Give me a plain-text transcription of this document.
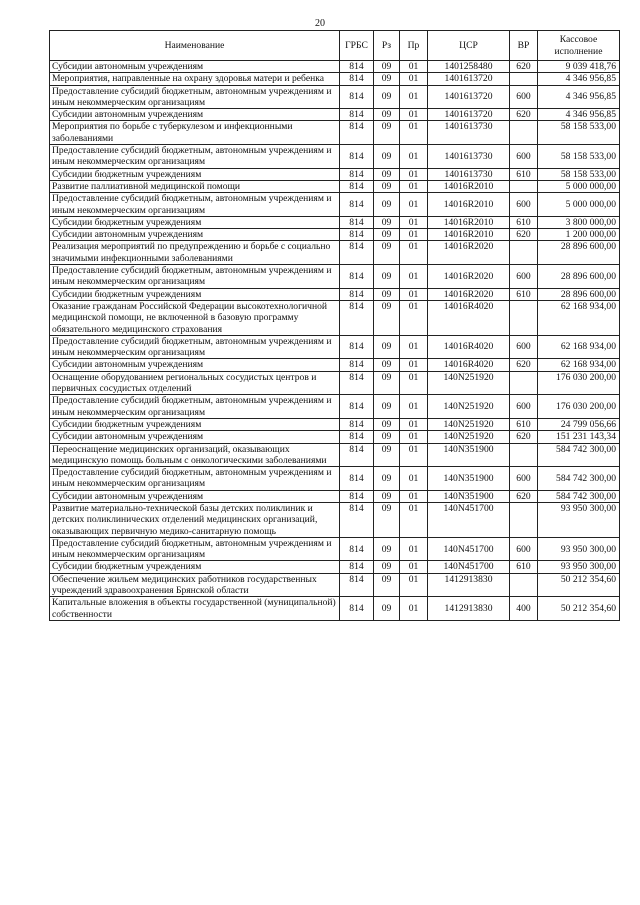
20
Наименование	ГРБС	Рз	Пр	ЦСР	ВР	Кассовое исполнение
Субсидии автономным учреждениям	814	09	01	1401258480	620	9 039 418,76
Мероприятия, направленные на охрану здоровья матери и ребенка	814	09	01	1401613720		4 346 956,85
Предоставление субсидий бюджетным, автономным учреждениям и иным некоммерческим организациям	814	09	01	1401613720	600	4 346 956,85
Субсидии автономным учреждениям	814	09	01	1401613720	620	4 346 956,85
Мероприятия по борьбе с туберкулезом и инфекционными заболеваниями	814	09	01	1401613730		58 158 533,00
Предоставление субсидий бюджетным, автономным учреждениям и иным некоммерческим организациям	814	09	01	1401613730	600	58 158 533,00
Субсидии бюджетным учреждениям	814	09	01	1401613730	610	58 158 533,00
Развитие паллиативной медицинской помощи	814	09	01	14016R2010		5 000 000,00
Предоставление субсидий бюджетным, автономным учреждениям и иным некоммерческим организациям	814	09	01	14016R2010	600	5 000 000,00
Субсидии бюджетным учреждениям	814	09	01	14016R2010	610	3 800 000,00
Субсидии автономным учреждениям	814	09	01	14016R2010	620	1 200 000,00
Реализация мероприятий по предупреждению и борьбе с социально значимыми инфекционными заболеваниями	814	09	01	14016R2020		28 896 600,00
Предоставление субсидий бюджетным, автономным учреждениям и иным некоммерческим организациям	814	09	01	14016R2020	600	28 896 600,00
Субсидии бюджетным учреждениям	814	09	01	14016R2020	610	28 896 600,00
Оказание гражданам Российской Федерации высокотехнологичной медицинской помощи, не включенной в базовую программу обязательного медицинского страхования	814	09	01	14016R4020		62 168 934,00
Предоставление субсидий бюджетным, автономным учреждениям и иным некоммерческим организациям	814	09	01	14016R4020	600	62 168 934,00
Субсидии автономным учреждениям	814	09	01	14016R4020	620	62 168 934,00
Оснащение оборудованием региональных сосудистых центров и первичных сосудистых отделений	814	09	01	140N251920		176 030 200,00
Предоставление субсидий бюджетным, автономным учреждениям и иным некоммерческим организациям	814	09	01	140N251920	600	176 030 200,00
Субсидии бюджетным учреждениям	814	09	01	140N251920	610	24 799 056,66
Субсидии автономным учреждениям	814	09	01	140N251920	620	151 231 143,34
Переоснащение медицинских организаций, оказывающих медицинскую помощь больным с онкологическими заболеваниями	814	09	01	140N351900		584 742 300,00
Предоставление субсидий бюджетным, автономным учреждениям и иным некоммерческим организациям	814	09	01	140N351900	600	584 742 300,00
Субсидии автономным учреждениям	814	09	01	140N351900	620	584 742 300,00
Развитие материально-технической базы детских поликлиник и детских поликлинических отделений медицинских организаций, оказывающих первичную медико-санитарную помощь	814	09	01	140N451700		93 950 300,00
Предоставление субсидий бюджетным, автономным учреждениям и иным некоммерческим организациям	814	09	01	140N451700	600	93 950 300,00
Субсидии бюджетным учреждениям	814	09	01	140N451700	610	93 950 300,00
Обеспечение жильем медицинских работников государственных учреждений здравоохранения Брянской области	814	09	01	1412913830		50 212 354,60
Капитальные вложения в объекты государственной (муниципальной) собственности	814	09	01	1412913830	400	50 212 354,60
